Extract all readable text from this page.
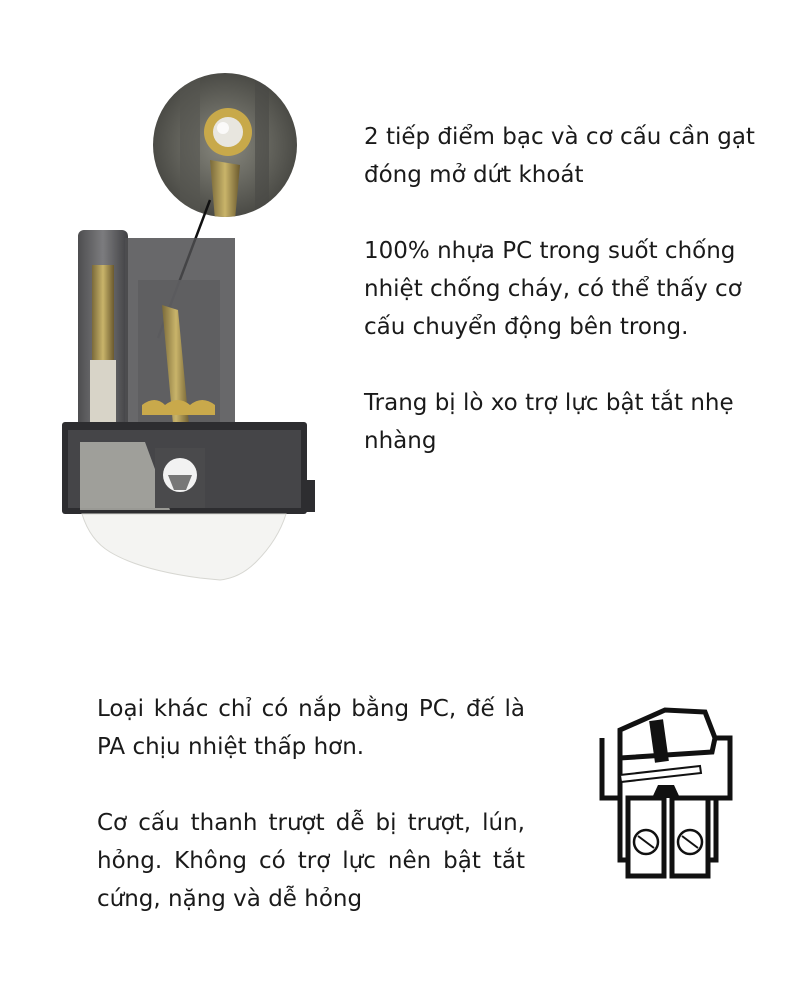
2 tiếp điểm bạc và cơ cấu cần gạt đóng mở dứt khoát

100% nhựa PC trong suốt chống nhiệt chống cháy, có thể thấy cơ cấu chuyển động bên trong.

Trang bị lò xo trợ lực bật tắt nhẹ nhàng

Loại khác chỉ có nắp bằng PC, đế là PA chịu nhiệt thấp hơn.

Cơ cấu thanh trượt dễ bị trượt, lún, hỏng. Không có trợ lực nên bật tắt cứng, nặng và dễ hỏng
